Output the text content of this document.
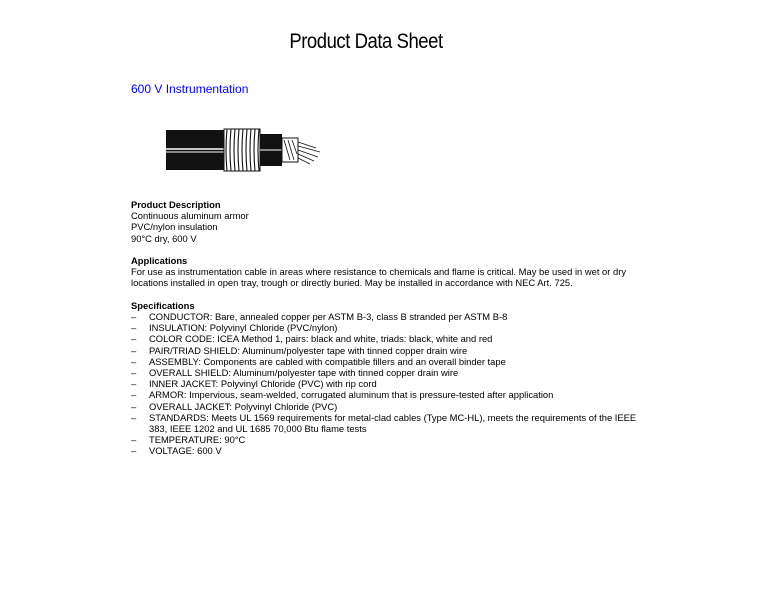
Product Data Sheet
600 V Instrumentation
Product Description
Continuous aluminum armor
PVC/nylon insulation
90°C dry, 600 V
Applications
For use as instrumentation cable in areas where resistance to chemicals and flame is critical. May be used in wet or dry locations installed in open tray, trough or directly buried. May be installed in accordance with NEC Art. 725.
Specifications
– CONDUCTOR: Bare, annealed copper per ASTM B-3, class B stranded per ASTM B-8
– INSULATION: Polyvinyl Chloride (PVC/nylon)
– COLOR CODE: ICEA Method 1, pairs: black and white, triads: black, white and red
– PAIR/TRIAD SHIELD: Aluminum/polyester tape with tinned copper drain wire
– ASSEMBLY: Components are cabled with compatible fillers and an overall binder tape
– OVERALL SHIELD: Aluminum/polyester tape with tinned copper drain wire
– INNER JACKET: Polyvinyl Chloride (PVC) with rip cord
– ARMOR: Impervious, seam-welded, corrugated aluminum that is pressure-tested after application
– OVERALL JACKET: Polyvinyl Chloride (PVC)
– STANDARDS: Meets UL 1569 requirements for metal-clad cables (Type MC-HL), meets the requirements of the IEEE 383, IEEE 1202 and UL 1685 70,000 Btu flame tests
– TEMPERATURE: 90°C
– VOLTAGE: 600 V
